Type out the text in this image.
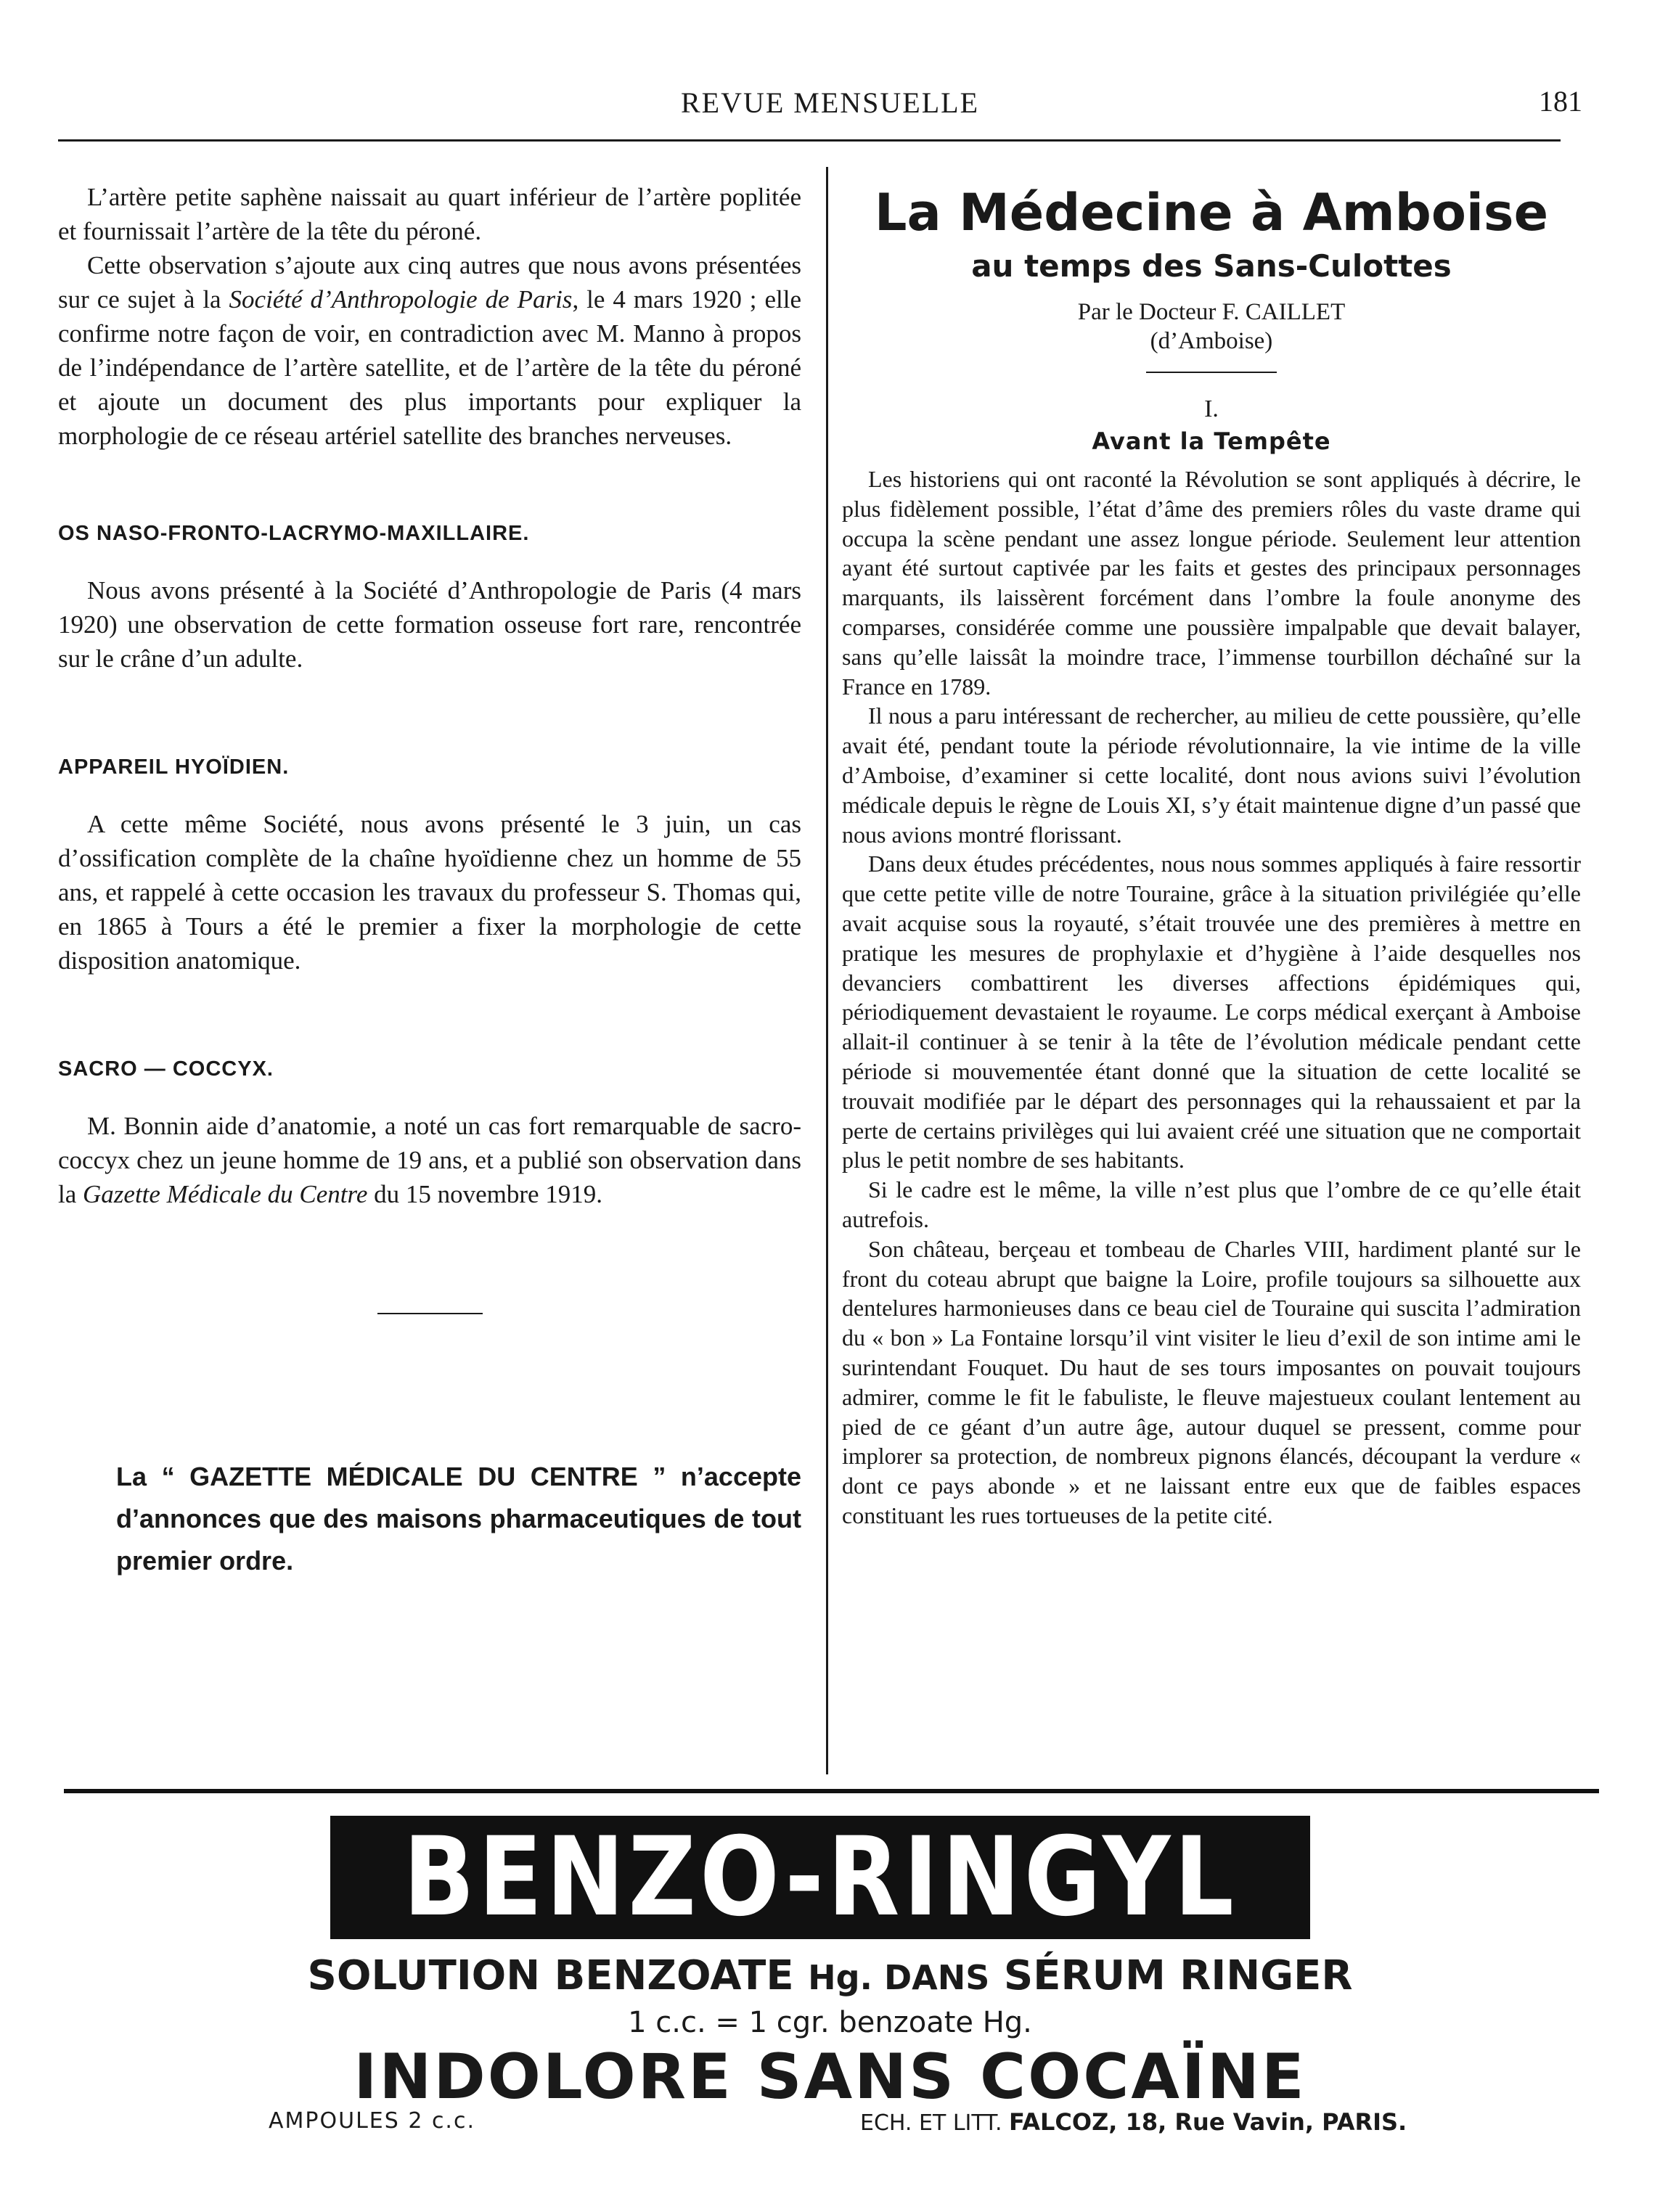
REVUE MENSUELLE	181

L’artère petite saphène naissait au quart inférieur de l’artère poplitée et fournissait l’artère de la tête du péroné.

Cette observation s’ajoute aux cinq autres que nous avons présentées sur ce sujet à la Société d’Anthropologie de Paris, le 4 mars 1920 ; elle confirme notre façon de voir, en contradiction avec M. Manno à propos de l’indépendance de l’artère satellite, et de l’artère de la tête du péroné et ajoute un document des plus importants pour expliquer la morphologie de ce réseau artériel satellite des branches nerveuses.

OS NASO-FRONTO-LACRYMO-MAXILLAIRE.

Nous avons présenté à la Société d’Anthropologie de Paris (4 mars 1920) une observation de cette formation osseuse fort rare, rencontrée sur le crâne d’un adulte.

APPAREIL HYOÏDIEN.

A cette même Société, nous avons présenté le 3 juin, un cas d’ossification complète de la chaîne hyoïdienne chez un homme de 55 ans, et rappelé à cette occasion les travaux du professeur S. Thomas qui, en 1865 à Tours a été le premier a fixer la morphologie de cette disposition anatomique.

SACRO — COCCYX.

M. Bonnin aide d’anatomie, a noté un cas fort remarquable de sacro-coccyx chez un jeune homme de 19 ans, et a publié son observation dans la Gazette Médicale du Centre du 15 novembre 1919.

La “ GAZETTE MÉDICALE DU CENTRE ” n’accepte d’annonces que des maisons pharmaceutiques de tout premier ordre.

La Médecine à Amboise

au temps des Sans-Culottes

Par le Docteur F. CAILLET

(d’Amboise)

I.

Avant la Tempête

Les historiens qui ont raconté la Révolution se sont appliqués à décrire, le plus fidèlement possible, l’état d’âme des premiers rôles du vaste drame qui occupa la scène pendant une assez longue période. Seulement leur attention ayant été surtout captivée par les faits et gestes des principaux personnages marquants, ils laissèrent forcément dans l’ombre la foule anonyme des comparses, considérée comme une poussière impalpable que devait balayer, sans qu’elle laissât la moindre trace, l’immense tourbillon déchaîné sur la France en 1789.

Il nous a paru intéressant de rechercher, au milieu de cette poussière, qu’elle avait été, pendant toute la période révolutionnaire, la vie intime de la ville d’Amboise, d’examiner si cette localité, dont nous avions suivi l’évolution médicale depuis le règne de Louis XI, s’y était maintenue digne d’un passé que nous avions montré florissant.

Dans deux études précédentes, nous nous sommes appliqués à faire ressortir que cette petite ville de notre Touraine, grâce à la situation privilégiée qu’elle avait acquise sous la royauté, s’était trouvée une des premières à mettre en pratique les mesures de prophylaxie et d’hygiène à l’aide desquelles nos devanciers combattirent les diverses affections épidémiques qui, périodiquement devastaient le royaume. Le corps médical exerçant à Amboise allait-il continuer à se tenir à la tête de l’évolution médicale pendant cette période si mouvementée étant donné que la situation de cette localité se trouvait modifiée par le départ des personnages qui la rehaussaient et par la perte de certains privilèges qui lui avaient créé une situation que ne comportait plus le petit nombre de ses habitants.

Si le cadre est le même, la ville n’est plus que l’ombre de ce qu’elle était autrefois.

Son château, berçeau et tombeau de Charles VIII, hardiment planté sur le front du coteau abrupt que baigne la Loire, profile toujours sa silhouette aux dentelures harmonieuses dans ce beau ciel de Touraine qui suscita l’admiration du « bon » La Fontaine lorsqu’il vint visiter le lieu d’exil de son intime ami le surintendant Fouquet. Du haut de ses tours imposantes on pouvait toujours admirer, comme le fit le fabuliste, le fleuve majestueux coulant lentement au pied de ce géant d’un autre âge, autour duquel se pressent, comme pour implorer sa protection, de nombreux pignons élancés, découpant la verdure « dont ce pays abonde » et ne laissant entre eux que de faibles espaces constituant les rues tortueuses de la petite cité.

BENZO-RINGYL

SOLUTION BENZOATE Hg. DANS SÉRUM RINGER

1 c.c. = 1 cgr. benzoate Hg.

INDOLORE SANS COCAÏNE

AMPOULES 2 c.c.	ECH. ET LITT. FALCOZ, 18, Rue Vavin, PARIS.
